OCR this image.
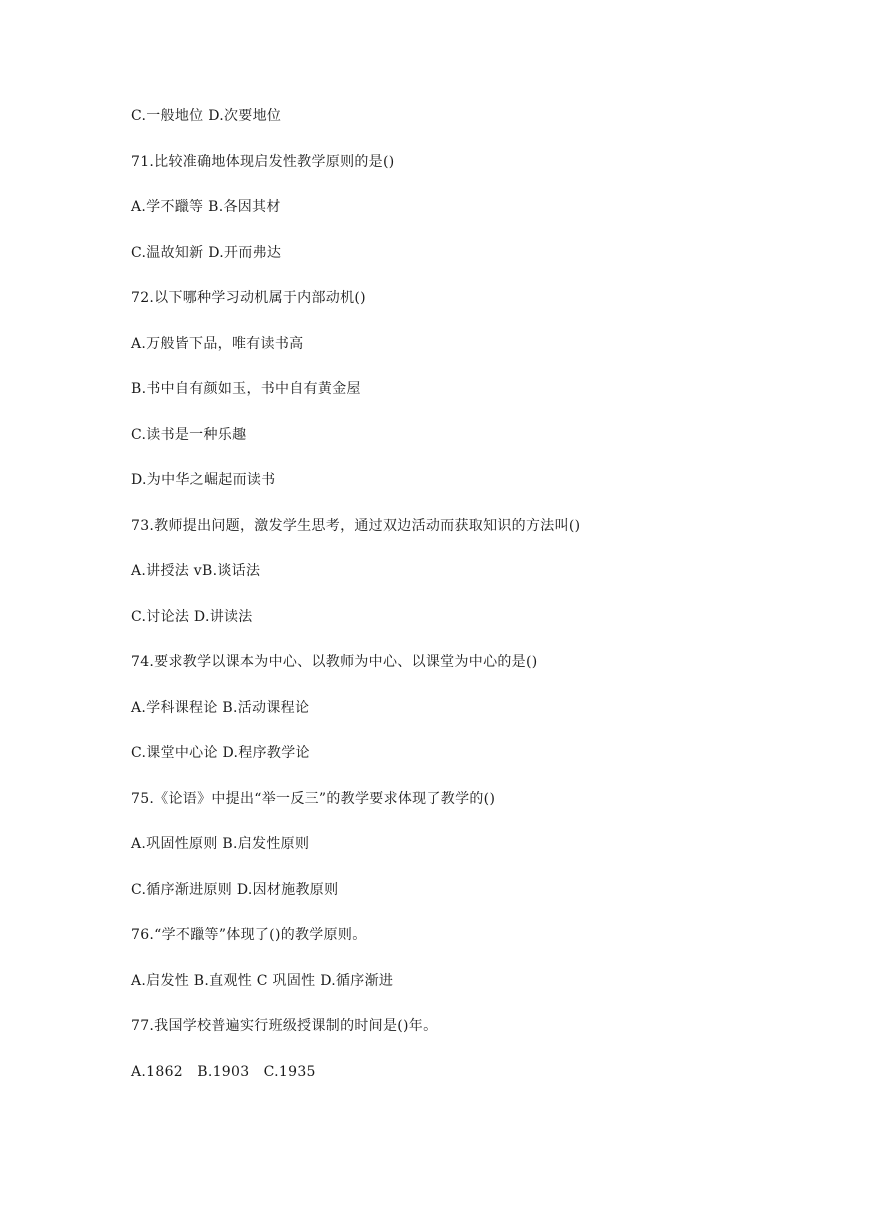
C.一般地位 D.次要地位

71.比较准确地体现启发性教学原则的是()

A.学不躐等 B.各因其材

C.温故知新 D.开而弗达

72.以下哪种学习动机属于内部动机()

A.万般皆下品，唯有读书高

B.书中自有颜如玉，书中自有黄金屋

C.读书是一种乐趣

D.为中华之崛起而读书

73.教师提出问题，激发学生思考，通过双边活动而获取知识的方法叫()

A.讲授法 vB.谈话法

C.讨论法 D.讲读法

74.要求教学以课本为中心、以教师为中心、以课堂为中心的是()

A.学科课程论 B.活动课程论

C.课堂中心论 D.程序教学论

75.《论语》中提出“举一反三”的教学要求体现了教学的()

A.巩固性原则 B.启发性原则

C.循序渐进原则 D.因材施教原则

76.“学不躐等”体现了()的教学原则。

A.启发性 B.直观性 C 巩固性 D.循序渐进

77.我国学校普遍实行班级授课制的时间是()年。

A.1862   B.1903   C.1935
